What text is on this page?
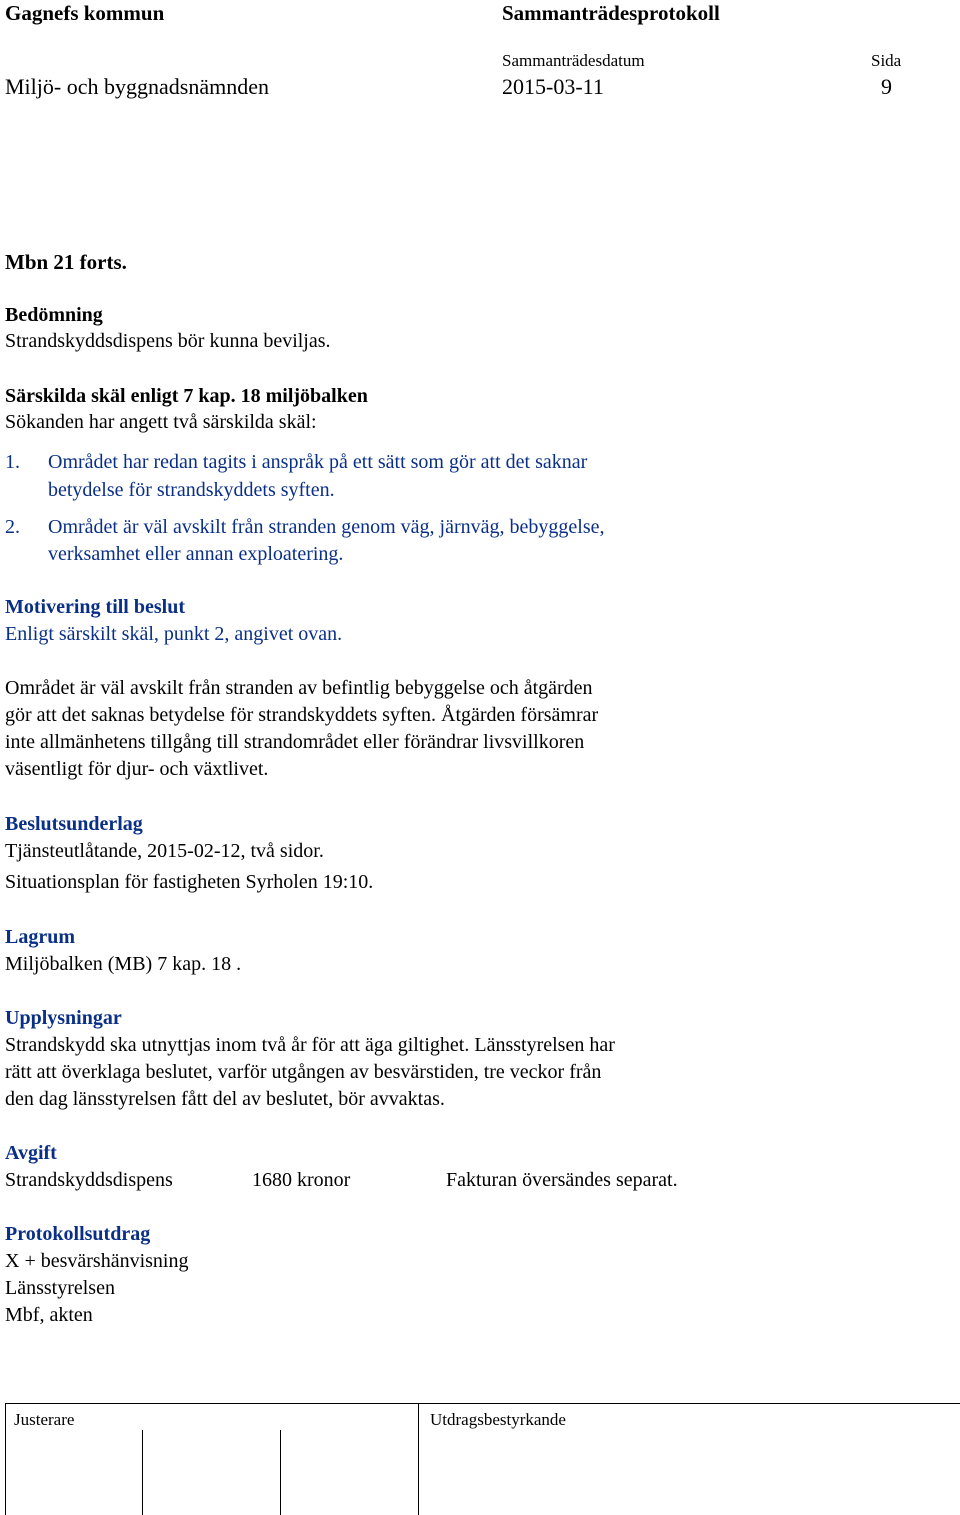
Gagnefs kommun	Sammanträdesprotokoll
Sammanträdesdatum	Sida
Miljö- och byggnadsnämnden	2015-03-11	9
Mbn 21 forts.
Bedömning
Strandskyddsdispens bör kunna beviljas.
Särskilda skäl enligt 7 kap. 18 miljöbalken
Sökanden har angett två särskilda skäl:
1. Området har redan tagits i anspråk på ett sätt som gör att det saknar
betydelse för strandskyddets syften.
2. Området är väl avskilt från stranden genom väg, järnväg, bebyggelse,
verksamhet eller annan exploatering.
Motivering till beslut
Enligt särskilt skäl, punkt 2, angivet ovan.
Området är väl avskilt från stranden av befintlig bebyggelse och åtgärden
gör att det saknas betydelse för strandskyddets syften. Åtgärden försämrar
inte allmänhetens tillgång till strandområdet eller förändrar livsvillkoren
väsentligt för djur- och växtlivet.
Beslutsunderlag
Tjänsteutlåtande, 2015-02-12, två sidor.
Situationsplan för fastigheten Syrholen 19:10.
Lagrum
Miljöbalken (MB) 7 kap. 18 .
Upplysningar
Strandskydd ska utnyttjas inom två år för att äga giltighet. Länsstyrelsen har
rätt att överklaga beslutet, varför utgången av besvärstiden, tre veckor från
den dag länsstyrelsen fått del av beslutet, bör avvaktas.
Avgift
Strandskyddsdispens	1680 kronor	Fakturan översändes separat.
Protokollsutdrag
X + besvärshänvisning
Länsstyrelsen
Mbf, akten
Justerare	Utdragsbestyrkande
